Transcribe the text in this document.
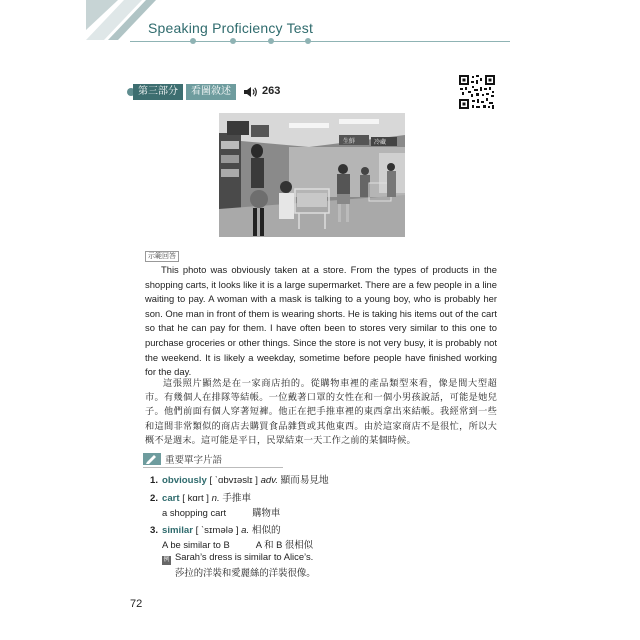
Speaking Proficiency Test
第三部分	看圖敘述	263
生鮮	冷藏
示範回答

This photo was obviously taken at a store. From the types of products in the shopping carts, it looks like it is a large supermarket. There are a few people in a line waiting to pay. A woman with a mask is talking to a young boy, who is probably her son. One man in front of them is wearing shorts. He is taking his items out of the cart so that he can pay for them. I have often been to stores very similar to this one to purchase groceries or other things. Since the store is not very busy, it is probably not the weekend. It is likely a weekday, sometime before people have finished working for the day.

這張照片顯然是在一家商店拍的。從購物車裡的產品類型來看，像是間大型超市。有幾個人在排隊等結帳。一位戴著口罩的女性在和一個小男孩說話，可能是她兒子。他們前面有個人穿著短褲。他正在把手推車裡的東西拿出來結帳。我經常到一些和這間非常類似的商店去購買食品雜貨或其他東西。由於這家商店不是很忙，所以大概不是週末。這可能是平日，民眾結束一天工作之前的某個時候。

重要單字片語
1. obviously [ ˋɑbvɪəslɪ ] adv. 顯而易見地
2. cart [ kɑrt ] n. 手推車
a shopping cart	購物車
3. similar [ ˋsɪmələ ] a. 相似的
A be similar to B	A 和 B 很相似
例 Sarah’s dress is similar to Alice’s.
莎拉的洋裝和愛麗絲的洋裝很像。
72
